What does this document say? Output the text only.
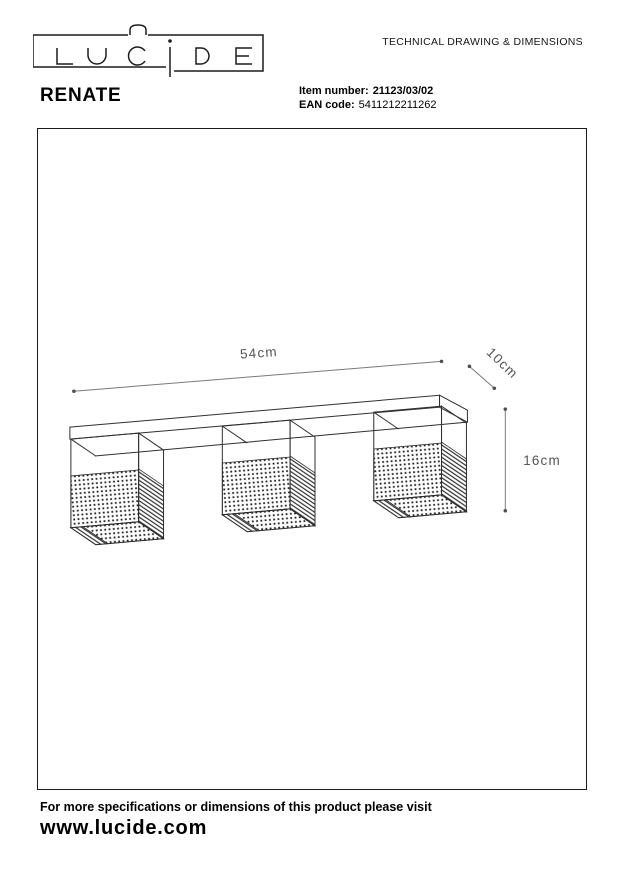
TECHNICAL DRAWING & DIMENSIONS
RENATE	Item number: 21123/03/02
EAN code: 5411212211262
54cm	10cm
16cm
For more specifications or dimensions of this product please visit
www.lucide.com
